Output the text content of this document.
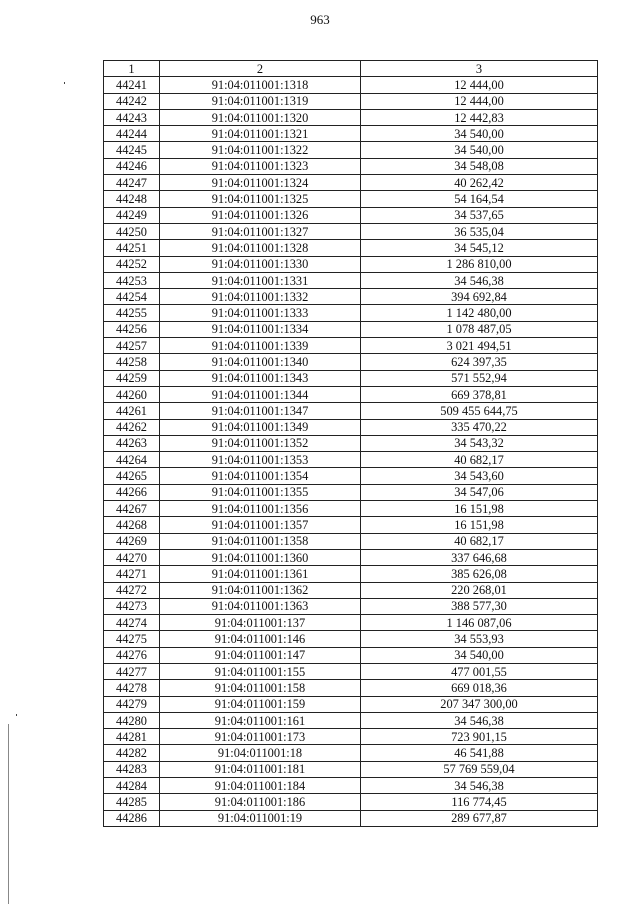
963
1	2	3
44241	91:04:011001:1318	12 444,00
44242	91:04:011001:1319	12 444,00
44243	91:04:011001:1320	12 442,83
44244	91:04:011001:1321	34 540,00
44245	91:04:011001:1322	34 540,00
44246	91:04:011001:1323	34 548,08
44247	91:04:011001:1324	40 262,42
44248	91:04:011001:1325	54 164,54
44249	91:04:011001:1326	34 537,65
44250	91:04:011001:1327	36 535,04
44251	91:04:011001:1328	34 545,12
44252	91:04:011001:1330	1 286 810,00
44253	91:04:011001:1331	34 546,38
44254	91:04:011001:1332	394 692,84
44255	91:04:011001:1333	1 142 480,00
44256	91:04:011001:1334	1 078 487,05
44257	91:04:011001:1339	3 021 494,51
44258	91:04:011001:1340	624 397,35
44259	91:04:011001:1343	571 552,94
44260	91:04:011001:1344	669 378,81
44261	91:04:011001:1347	509 455 644,75
44262	91:04:011001:1349	335 470,22
44263	91:04:011001:1352	34 543,32
44264	91:04:011001:1353	40 682,17
44265	91:04:011001:1354	34 543,60
44266	91:04:011001:1355	34 547,06
44267	91:04:011001:1356	16 151,98
44268	91:04:011001:1357	16 151,98
44269	91:04:011001:1358	40 682,17
44270	91:04:011001:1360	337 646,68
44271	91:04:011001:1361	385 626,08
44272	91:04:011001:1362	220 268,01
44273	91:04:011001:1363	388 577,30
44274	91:04:011001:137	1 146 087,06
44275	91:04:011001:146	34 553,93
44276	91:04:011001:147	34 540,00
44277	91:04:011001:155	477 001,55
44278	91:04:011001:158	669 018,36
44279	91:04:011001:159	207 347 300,00
44280	91:04:011001:161	34 546,38
44281	91:04:011001:173	723 901,15
44282	91:04:011001:18	46 541,88
44283	91:04:011001:181	57 769 559,04
44284	91:04:011001:184	34 546,38
44285	91:04:011001:186	116 774,45
44286	91:04:011001:19	289 677,87
